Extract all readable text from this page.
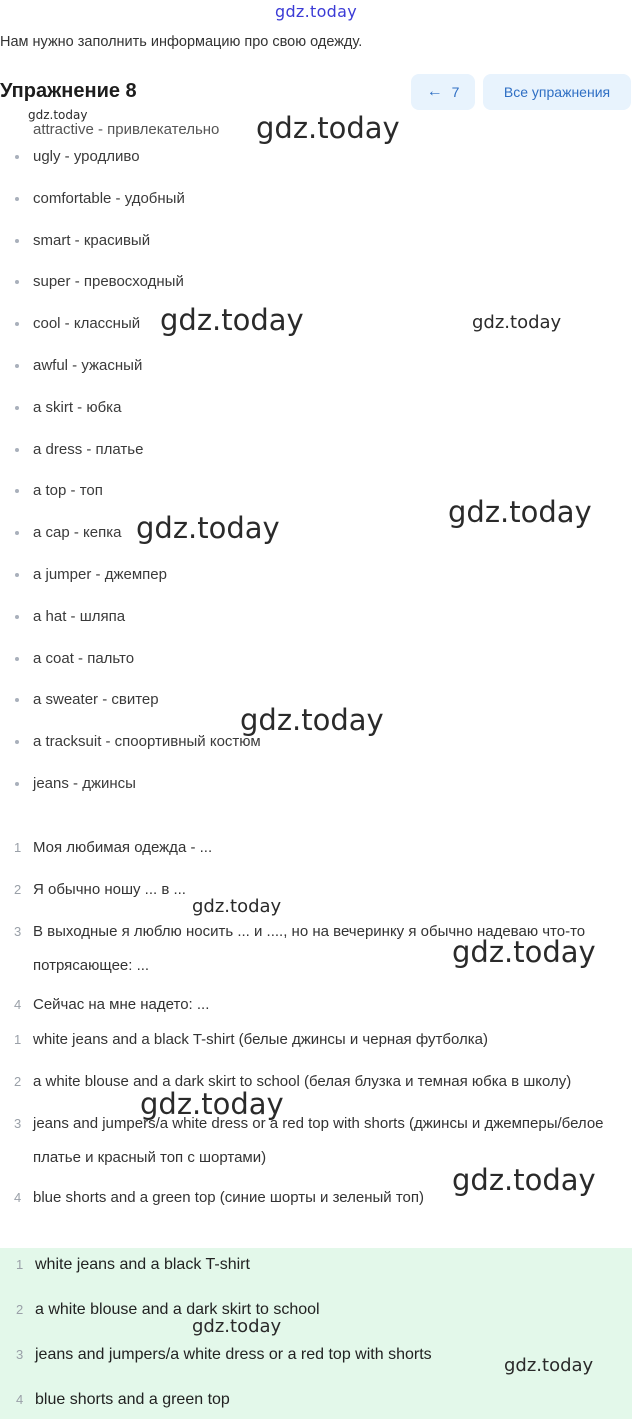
gdz.today
Нам нужно заполнить информацию про свою одежду.
Упражнение 8	← 7	Все упражнения
attractive - привлекательно
ugly - уродливо
comfortable - удобный
smart - красивый
super - превосходный
cool - классный
awful - ужасный
a skirt - юбка
a dress - платье
a top - топ
a cap - кепка
a jumper - джемпер
a hat - шляпа
a coat - пальто
a sweater - свитер
a tracksuit - споортивный костюм
jeans - джинсы
1 Моя любимая одежда - ...
2 Я обычно ношу ... в ...
3 В выходные я люблю носить ... и ...., но на вечеринку я обычно надеваю что-то потрясающее: ...
4 Сейчас на мне надето: ...
1 white jeans and a black T-shirt (белые джинсы и черная футболка)
2 a white blouse and a dark skirt to school (белая блузка и темная юбка в школу)
3 jeans and jumpers/a white dress or a red top with shorts (джинсы и джемперы/белое платье и красный топ с шортами)
4 blue shorts and a green top (синие шорты и зеленый топ)
1 white jeans and a black T-shirt
2 a white blouse and a dark skirt to school
3 jeans and jumpers/a white dress or a red top with shorts
4 blue shorts and a green top
gdz.today	gdz.today
gdz.today	gdz.today
gdz.today
gdz.today
gdz.today
gdz.today
gdz.today
gdz.today
gdz.today
gdz.today
gdz.today
